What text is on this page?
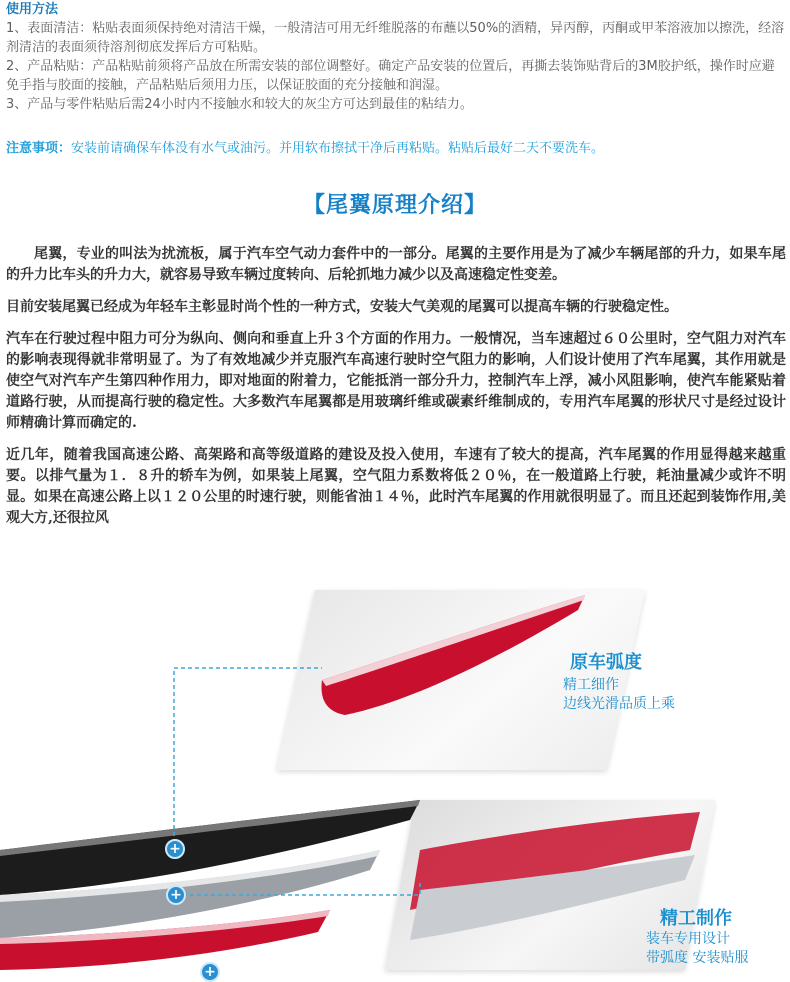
使用方法

1、表面清洁：粘贴表面须保持绝对清洁干燥，一般清洁可用无纤维脱落的布蘸以50%的酒精，异丙醇，丙酮或甲苯溶液加以擦洗，经溶剂清洁的表面须待溶剂彻底发挥后方可粘贴。

2、产品粘贴：产品粘贴前须将产品放在所需安装的部位调整好。确定产品安装的位置后，再撕去装饰贴背后的3M胶护纸，操作时应避免手指与胶面的接触，产品粘贴后须用力压，以保证胶面的充分接触和润湿。

3、产品与零件粘贴后需24小时内不接触水和较大的灰尘方可达到最佳的粘结力。

注意事项：安装前请确保车体没有水气或油污。并用软布擦拭干净后再粘贴。粘贴后最好二天不要洗车。
【尾翼原理介绍】

尾翼，专业的叫法为扰流板，属于汽车空气动力套件中的一部分。尾翼的主要作用是为了减少车辆尾部的升力，如果车尾的升力比车头的升力大，就容易导致车辆过度转向、后轮抓地力减少以及高速稳定性变差。

目前安装尾翼已经成为年轻车主彰显时尚个性的一种方式，安装大气美观的尾翼可以提高车辆的行驶稳定性。

汽车在行驶过程中阻力可分为纵向、侧向和垂直上升３个方面的作用力。一般情况，当车速超过６０公里时，空气阻力对汽车的影响表现得就非常明显了。为了有效地减少并克服汽车高速行驶时空气阻力的影响，人们设计使用了汽车尾翼，其作用就是使空气对汽车产生第四种作用力，即对地面的附着力，它能抵消一部分升力，控制汽车上浮，减小风阻影响，使汽车能紧贴着道路行驶，从而提高行驶的稳定性。大多数汽车尾翼都是用玻璃纤维或碳素纤维制成的，专用汽车尾翼的形状尺寸是经过设计师精确计算而确定的.

近几年，随着我国高速公路、高架路和高等级道路的建设及投入使用，车速有了较大的提高，汽车尾翼的作用显得越来越重要。以排气量为１．８升的轿车为例，如果装上尾翼，空气阻力系数将低２０％，在一般道路上行驶，耗油量减少或许不明显。如果在高速公路上以１２０公里的时速行驶，则能省油１４％，此时汽车尾翼的作用就很明显了。而且还起到装饰作用,美观大方,还很拉风

+
+
+
原车弧度
精工细作
边线光滑品质上乘
精工制作
装车专用设计
带弧度 安装贴服
